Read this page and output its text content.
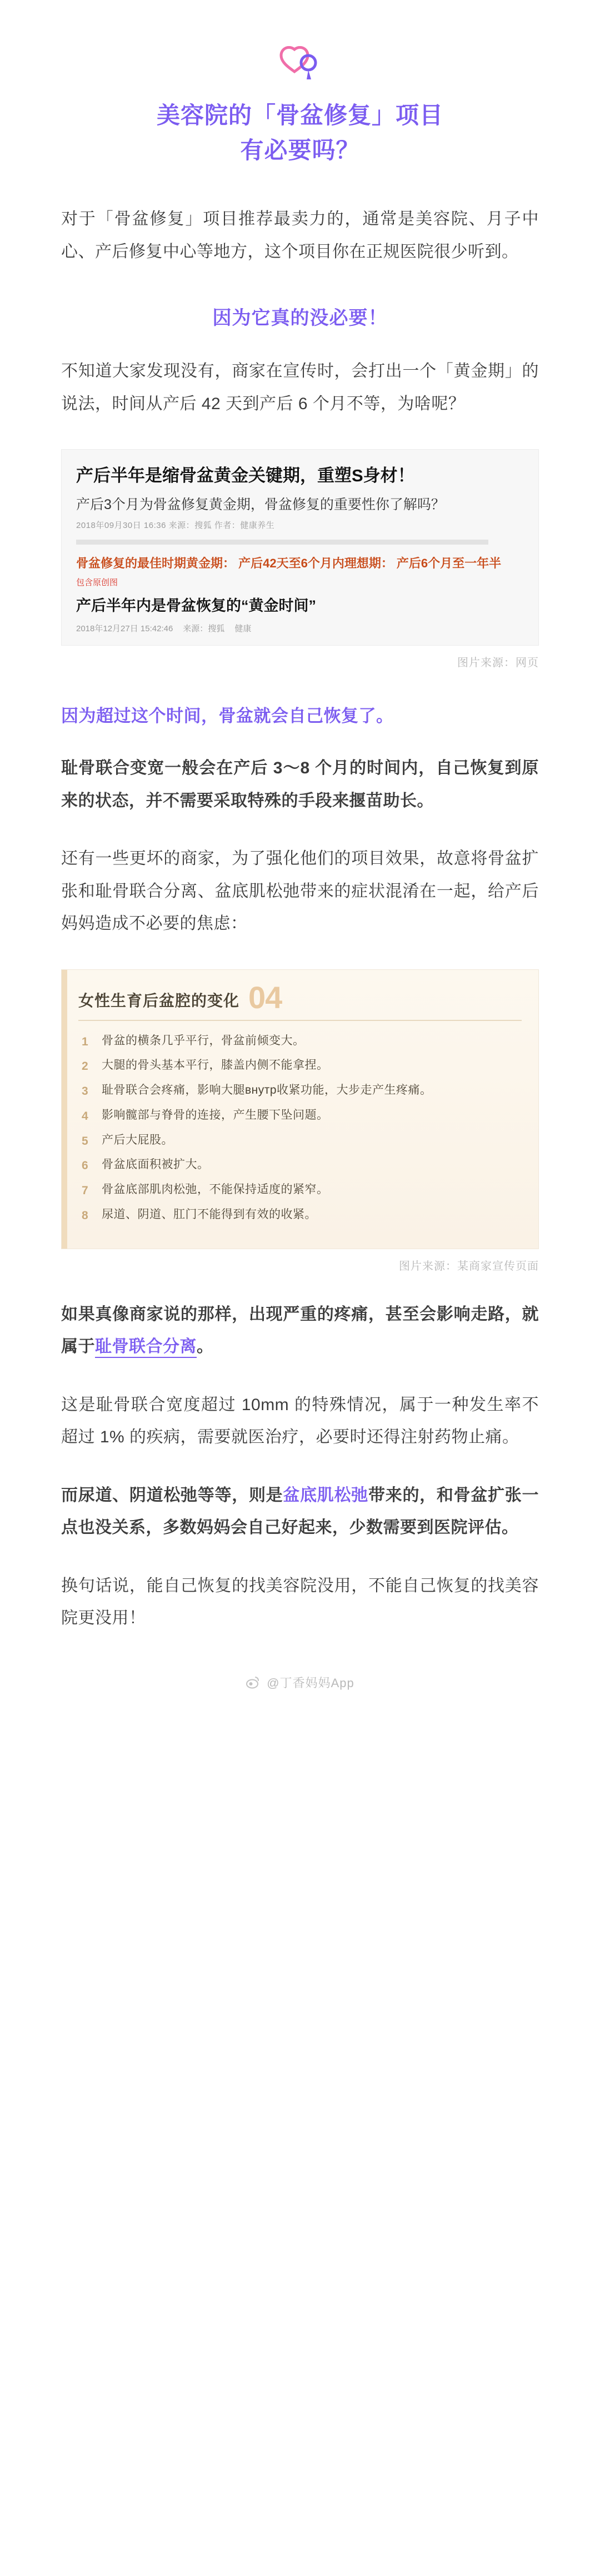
美容院的「骨盆修复」项目
有必要吗？

对于「骨盆修复」项目推荐最卖力的，通常是美容院、月子中心、产后修复中心等地方，这个项目你在正规医院很少听到。

因为它真的没必要！

不知道大家发现没有，商家在宣传时，会打出一个「黄金期」的说法，时间从产后 42 天到产后 6 个月不等，为啥呢？

产后半年是缩骨盆黄金关键期，重塑S身材！
产后3个月为骨盆修复黄金期，骨盆修复的重要性你了解吗？
2018年09月30日 16:36 来源：搜狐 作者：健康养生
骨盆修复的最佳时期黄金期： 产后42天至6个月内理想期： 产后6个月至一年半
包含原创图
产后半年内是骨盆恢复的“黄金时间”
2018年12月27日 15:42:46 来源：搜狐 健康
图片来源：网页
因为超过这个时间，骨盆就会自己恢复了。

耻骨联合变宽一般会在产后 3～8 个月的时间内，自己恢复到原来的状态，并不需要采取特殊的手段来揠苗助长。

还有一些更坏的商家，为了强化他们的项目效果，故意将骨盆扩张和耻骨联合分离、盆底肌松弛带来的症状混淆在一起，给产后妈妈造成不必要的焦虑：

女性生育后盆腔的变化 04
骨盆的横条几乎平行，骨盆前倾变大。
大腿的骨头基本平行，膝盖内侧不能拿捏。
耻骨联合会疼痛，影响大腿внутр收紧功能，大步走产生疼痛。
影响髋部与脊骨的连接，产生腰下坠问题。
产后大屁股。
骨盆底面积被扩大。
骨盆底部肌肉松弛，不能保持适度的紧窄。
尿道、阴道、肛门不能得到有效的收紧。
图片来源：某商家宣传页面

如果真像商家说的那样，出现严重的疼痛，甚至会影响走路，就属于耻骨联合分离。

这是耻骨联合宽度超过 10mm 的特殊情况，属于一种发生率不超过 1% 的疾病，需要就医治疗，必要时还得注射药物止痛。

而尿道、阴道松弛等等，则是盆底肌松弛带来的，和骨盆扩张一点也没关系，多数妈妈会自己好起来，少数需要到医院评估。

换句话说，能自己恢复的找美容院没用，不能自己恢复的找美容院更没用！

@丁香妈妈App
